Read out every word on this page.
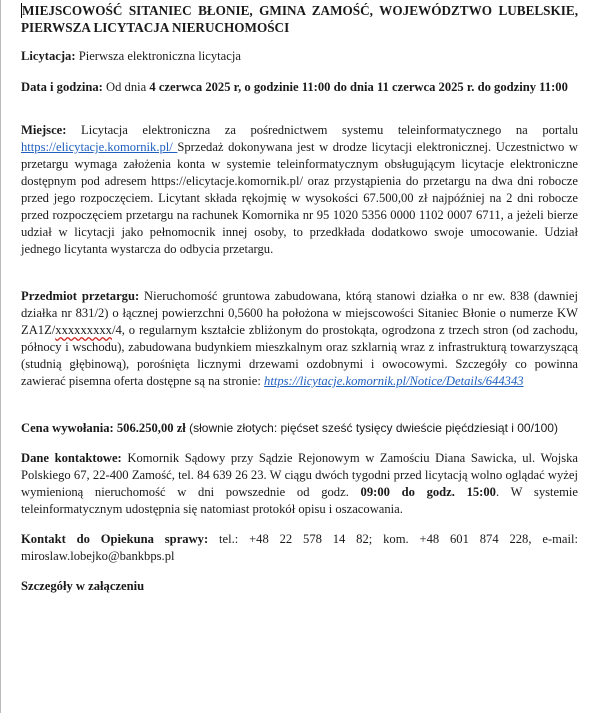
MIEJSCOWOŚĆ SITANIEC BŁONIE, GMINA ZAMOŚĆ, WOJEWÓDZTWO LUBELSKIE, PIERWSZA LICYTACJA NIERUCHOMOŚCI

Licytacja: Pierwsza elektroniczna licytacja

Data i godzina: Od dnia 4 czerwca 2025 r, o godzinie 11:00 do dnia 11 czerwca 2025 r. do godziny 11:00

Miejsce: Licytacja elektroniczna za pośrednictwem systemu teleinformatycznego na portalu https://elicytacje.komornik.pl/ Sprzedaż dokonywana jest w drodze licytacji elektronicznej. Uczestnictwo w przetargu wymaga założenia konta w systemie teleinformatycznym obsługującym licytacje elektroniczne dostępnym pod adresem https://elicytacje.komornik.pl/ oraz przystąpienia do przetargu na dwa dni robocze przed jego rozpoczęciem. Licytant składa rękojmię w wysokości 67.500,00 zł najpóźniej na 2 dni robocze przed rozpoczęciem przetargu na rachunek Komornika nr 95 1020 5356 0000 1102 0007 6711, a jeżeli bierze udział w licytacji jako pełnomocnik innej osoby, to przedkłada dodatkowo swoje umocowanie. Udział jednego licytanta wystarcza do odbycia przetargu.

Przedmiot przetargu: Nieruchomość gruntowa zabudowana, którą stanowi działka o nr ew. 838 (dawniej działka nr 831/2) o łącznej powierzchni 0,5600 ha położona w miejscowości Sitaniec Błonie o numerze KW ZA1Z/xxxxxxxxx/4, o regularnym kształcie zbliżonym do prostokąta, ogrodzona z trzech stron (od zachodu, północy i wschodu), zabudowana budynkiem mieszkalnym oraz szklarnią wraz z infrastrukturą towarzyszącą (studnią głębinową), porośnięta licznymi drzewami ozdobnymi i owocowymi. Szczegóły co powinna zawierać pisemna oferta dostępne są na stronie: https://licytacje.komornik.pl/Notice/Details/644343

Cena wywołania: 506.250,00 zł (słownie złotych: pięćset sześć tysięcy dwieście pięćdziesiąt i 00/100)

Dane kontaktowe: Komornik Sądowy przy Sądzie Rejonowym w Zamościu Diana Sawicka, ul. Wojska Polskiego 67, 22-400 Zamość, tel. 84 639 26 23. W ciągu dwóch tygodni przed licytacją wolno oglądać wyżej wymienioną nieruchomość w dni powszednie od godz. 09:00 do godz. 15:00. W systemie teleinformatycznym udostępnia się natomiast protokół opisu i oszacowania.

Kontakt do Opiekuna sprawy: tel.: +48 22 578 14 82; kom. +48 601 874 228, e-mail: miroslaw.lobejko@bankbps.pl

Szczegóły w załączeniu
